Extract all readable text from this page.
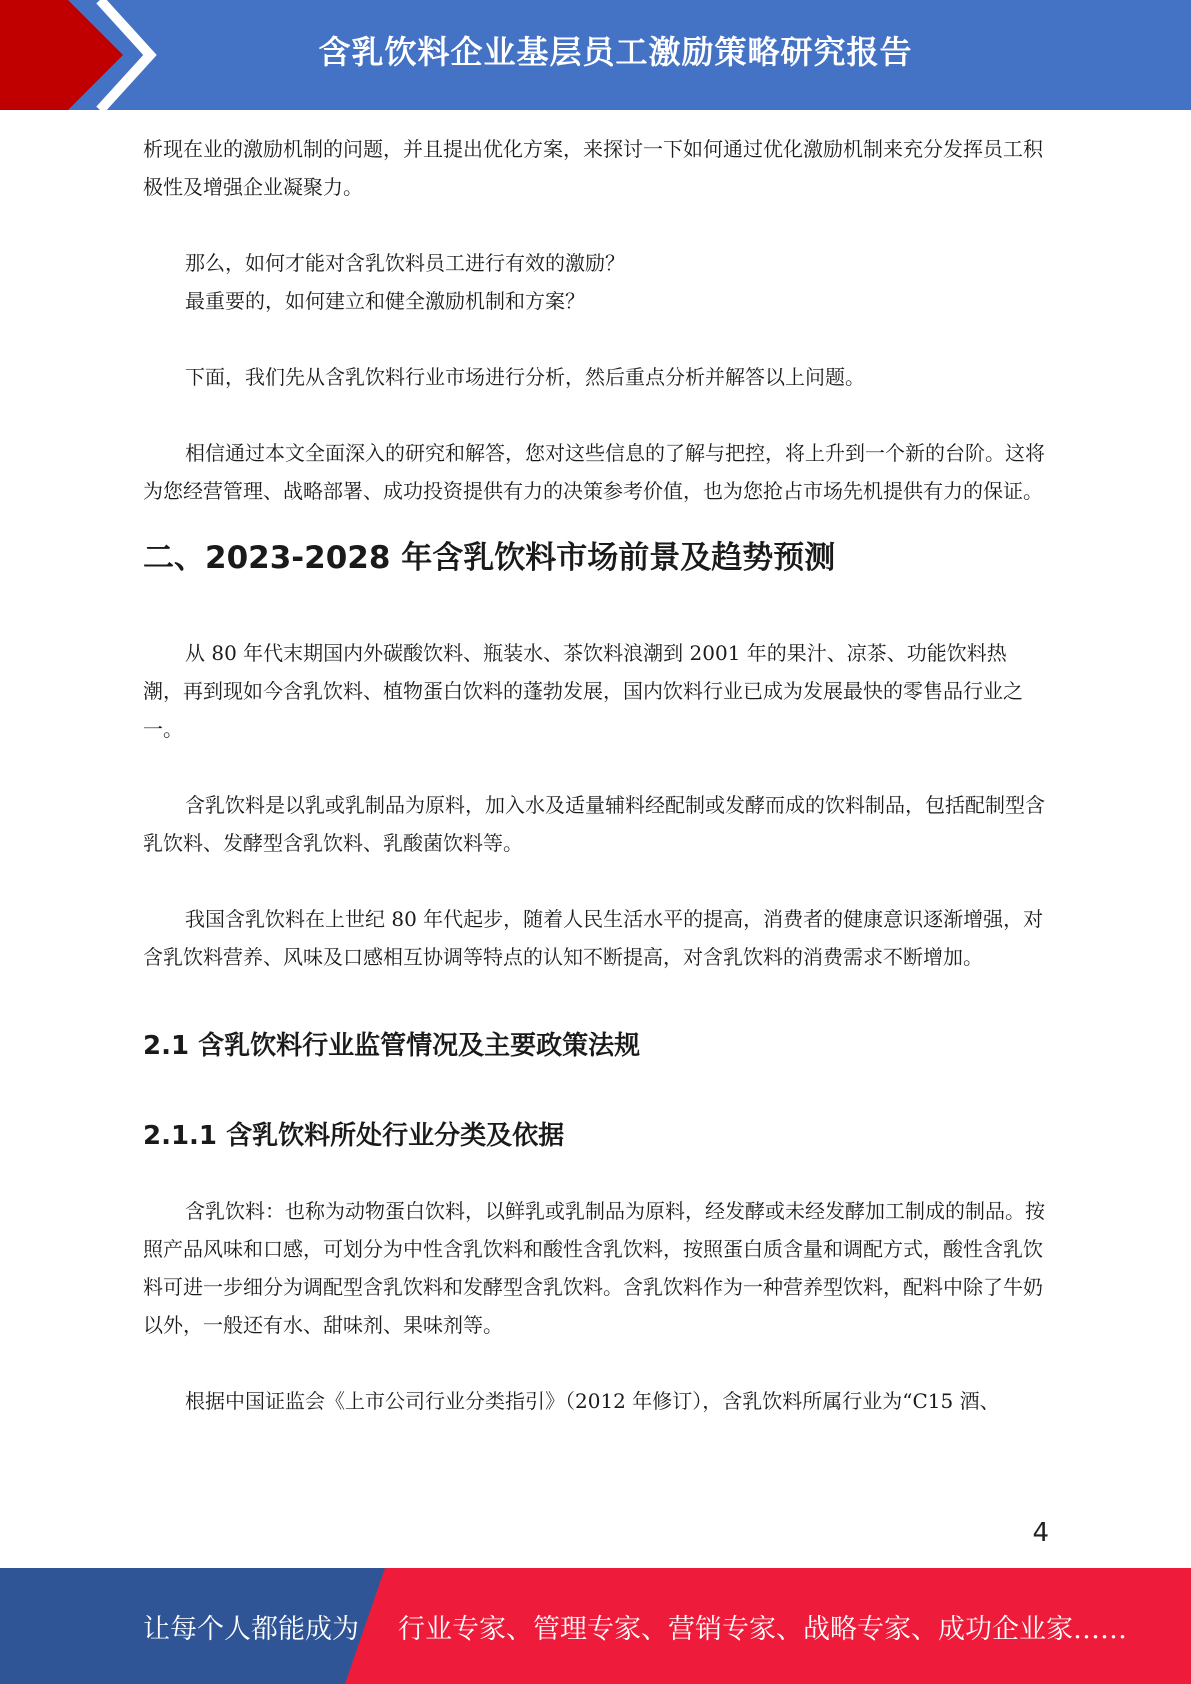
含乳饮料企业基层员工激励策略研究报告

析现在业的激励机制的问题，并且提出优化方案，来探讨一下如何通过优化激励机制来充分发挥员工积极性及增强企业凝聚力。

那么，如何才能对含乳饮料员工进行有效的激励？

最重要的，如何建立和健全激励机制和方案？

下面，我们先从含乳饮料行业市场进行分析，然后重点分析并解答以上问题。

相信通过本文全面深入的研究和解答，您对这些信息的了解与把控，将上升到一个新的台阶。这将为您经营管理、战略部署、成功投资提供有力的决策参考价值，也为您抢占市场先机提供有力的保证。

二、2023-2028 年含乳饮料市场前景及趋势预测

从 80 年代末期国内外碳酸饮料、瓶装水、茶饮料浪潮到 2001 年的果汁、凉茶、功能饮料热潮，再到现如今含乳饮料、植物蛋白饮料的蓬勃发展，国内饮料行业已成为发展最快的零售品行业之一。

含乳饮料是以乳或乳制品为原料，加入水及适量辅料经配制或发酵而成的饮料制品，包括配制型含乳饮料、发酵型含乳饮料、乳酸菌饮料等。

我国含乳饮料在上世纪 80 年代起步，随着人民生活水平的提高，消费者的健康意识逐渐增强，对含乳饮料营养、风味及口感相互协调等特点的认知不断提高，对含乳饮料的消费需求不断增加。

2.1 含乳饮料行业监管情况及主要政策法规
2.1.1 含乳饮料所处行业分类及依据

含乳饮料：也称为动物蛋白饮料，以鲜乳或乳制品为原料，经发酵或未经发酵加工制成的制品。按照产品风味和口感，可划分为中性含乳饮料和酸性含乳饮料，按照蛋白质含量和调配方式，酸性含乳饮料可进一步细分为调配型含乳饮料和发酵型含乳饮料。含乳饮料作为一种营养型饮料，配料中除了牛奶以外，一般还有水、甜味剂、果味剂等。

根据中国证监会《上市公司行业分类指引》（2012 年修订），含乳饮料所属行业为“C15 酒、

4
让每个人都能成为 行业专家、管理专家、营销专家、战略专家、成功企业家……
